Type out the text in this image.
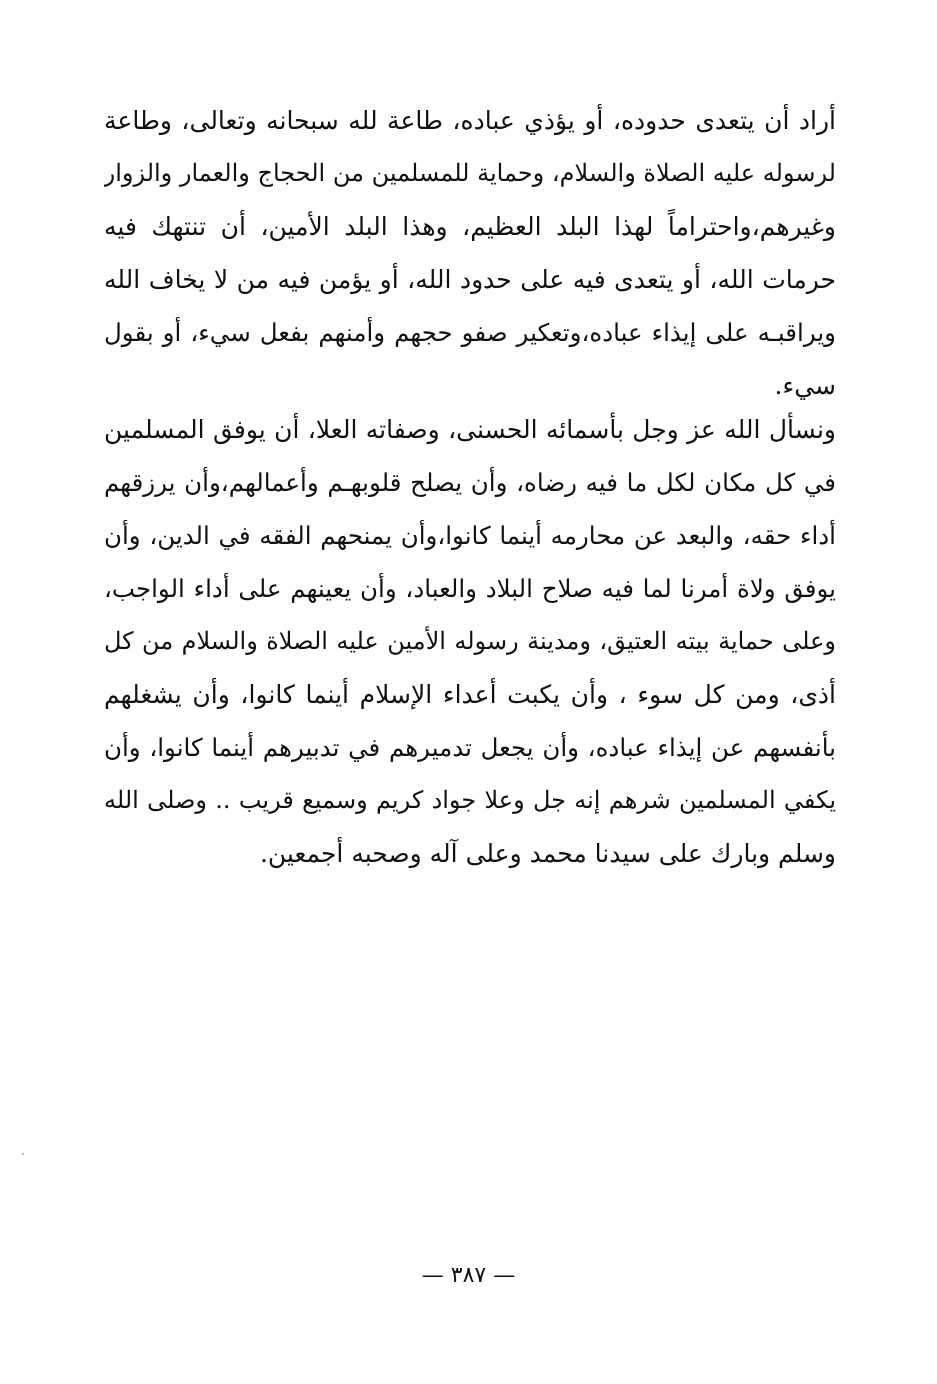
أراد أن يتعدى حدوده، أو يؤذي عباده، طاعة لله سبحانه وتعالى، وطاعة
لرسوله عليه الصلاة والسلام، وحماية للمسلمين من الحجاج والعمار والزوار
وغيرهم،واحتراماً لهذا البلد العظيم، وهذا البلد الأمين، أن تنتهك فيه
حرمات الله، أو يتعدى فيه على حدود الله، أو يؤمن فيه من لا يخاف الله
ويراقبـه على إيذاء عباده،وتعكير صفو حجهم وأمنهم بفعل سيء، أو بقول
سيء.
ونسأل الله عز وجل بأسمائه الحسنى، وصفاته العلا، أن يوفق المسلمين
في كل مكان لكل ما فيه رضاه، وأن يصلح قلوبهـم وأعمالهم،وأن يرزقهم
أداء حقه، والبعد عن محارمه أينما كانوا،وأن يمنحهم الفقه في الدين، وأن
يوفق ولاة أمرنا لما فيه صلاح البلاد والعباد، وأن يعينهم على أداء الواجب،
وعلى حماية بيته العتيق، ومدينة رسوله الأمين عليه الصلاة والسلام من كل
أذى، ومن كل سوء ، وأن يكبت أعداء الإسلام أينما كانوا، وأن يشغلهم
بأنفسهم عن إيذاء عباده، وأن يجعل تدميرهم في تدبيرهم أينما كانوا، وأن
يكفي المسلمين شرهم إنه جل وعلا جواد كريم وسميع قريب .. وصلى الله
وسلم وبارك على سيدنا محمد وعلى آله وصحبه أجمعين.
— ٣٨٧ —
